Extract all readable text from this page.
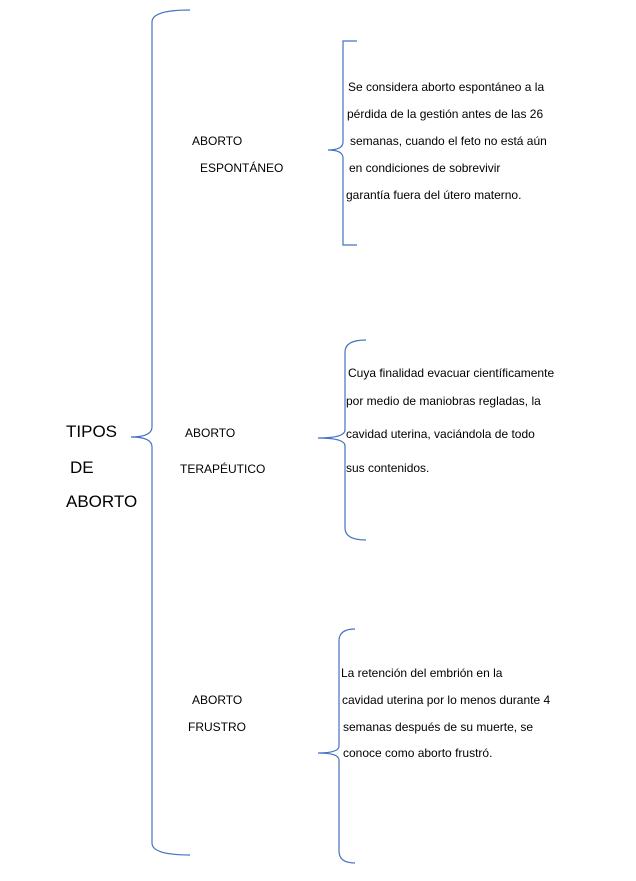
TIPOS
DE
ABORTO
ABORTO
ESPONTÁNEO
Se considera aborto espontáneo a la
pérdida de la gestión antes de las 26
semanas, cuando el feto no está aún
en condiciones de sobrevivir
garantía fuera del útero materno.
ABORTO
TERAPÉUTICO
Cuya finalidad evacuar científicamente
por medio de maniobras regladas, la
cavidad uterina, vaciándola de todo
sus contenidos.
ABORTO
FRUSTRO
La retención del embrión en la
cavidad uterina por lo menos durante 4
semanas después de su muerte, se
conoce como aborto frustró.
